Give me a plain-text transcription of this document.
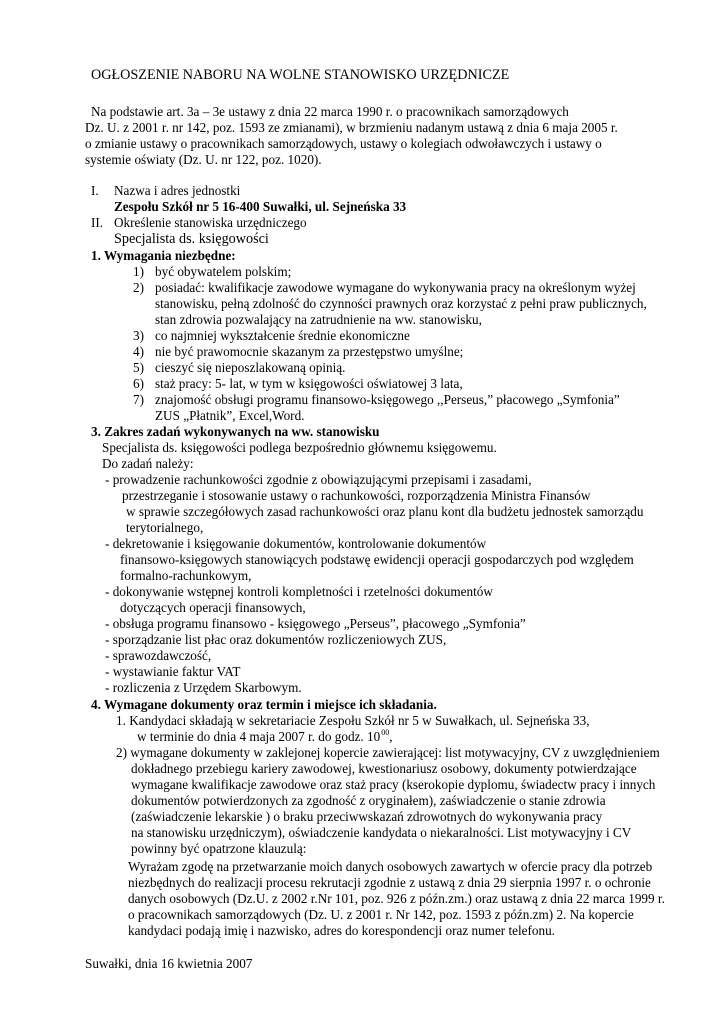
OGŁOSZENIE NABORU NA WOLNE STANOWISKO URZĘDNICZE
Na podstawie art. 3a – 3e ustawy z dnia 22 marca 1990 r. o pracownikach samorządowych
Dz. U. z 2001 r. nr 142, poz. 1593 ze zmianami), w brzmieniu nadanym ustawą z dnia 6 maja 2005 r.
o zmianie ustawy o pracownikach samorządowych, ustawy o kolegiach odwoławczych i ustawy o
systemie oświaty (Dz. U. nr 122, poz. 1020).
I. Nazwa i adres jednostki
Zespołu Szkół nr 5 16-400 Suwałki, ul. Sejneńska 33
II. Określenie stanowiska urzędniczego
Specjalista ds. księgowości
1. Wymagania niezbędne:
1) być obywatelem polskim;
2) posiadać: kwalifikacje zawodowe wymagane do wykonywania pracy na określonym wyżej
stanowisku, pełną zdolność do czynności prawnych oraz korzystać z pełni praw publicznych,
stan zdrowia pozwalający na zatrudnienie na ww. stanowisku,
3) co najmniej wykształcenie średnie ekonomiczne
4) nie być prawomocnie skazanym za przestępstwo umyślne;
5) cieszyć się nieposzlakowaną opinią.
6) staż pracy: 5- lat, w tym w księgowości oświatowej 3 lata,
7) znajomość obsługi programu finansowo-księgowego ,,Perseus,” płacowego „Symfonia”
ZUS „Płatnik”, Excel,Word.
3. Zakres zadań wykonywanych na ww. stanowisku
Specjalista ds. księgowości podlega bezpośrednio głównemu księgowemu.
Do zadań należy:
- prowadzenie rachunkowości zgodnie z obowiązującymi przepisami i zasadami,
przestrzeganie i stosowanie ustawy o rachunkowości, rozporządzenia Ministra Finansów
w sprawie szczegółowych zasad rachunkowości oraz planu kont dla budżetu jednostek samorządu
terytorialnego,
- dekretowanie i księgowanie dokumentów, kontrolowanie dokumentów
finansowo-księgowych stanowiących podstawę ewidencji operacji gospodarczych pod względem
formalno-rachunkowym,
- dokonywanie wstępnej kontroli kompletności i rzetelności dokumentów
dotyczących operacji finansowych,
- obsługa programu finansowo - księgowego „Perseus”, płacowego „Symfonia”
- sporządzanie list płac oraz dokumentów rozliczeniowych ZUS,
- sprawozdawczość,
- wystawianie faktur VAT
- rozliczenia z Urzędem Skarbowym.
4. Wymagane dokumenty oraz termin i miejsce ich składania.
1. Kandydaci składają w sekretariacie Zespołu Szkół nr 5 w Suwałkach, ul. Sejneńska 33,
w terminie do dnia 4 maja 2007 r. do godz. $10^{00}$,
2) wymagane dokumenty w zaklejonej kopercie zawierającej: list motywacyjny, CV z uwzględnieniem
dokładnego przebiegu kariery zawodowej, kwestionariusz osobowy, dokumenty potwierdzające
wymagane kwalifikacje zawodowe oraz staż pracy (kserokopie dyplomu, świadectw pracy i innych
dokumentów potwierdzonych za zgodność z oryginałem), zaświadczenie o stanie zdrowia
(zaświadczenie lekarskie ) o braku przeciwwskazań zdrowotnych do wykonywania pracy
na stanowisku urzędniczym), oświadczenie kandydata o niekaralności. List motywacyjny i CV
powinny być opatrzone klauzulą:
Wyrażam zgodę na przetwarzanie moich danych osobowych zawartych w ofercie pracy dla potrzeb
niezbędnych do realizacji procesu rekrutacji zgodnie z ustawą z dnia 29 sierpnia 1997 r. o ochronie
danych osobowych (Dz.U. z 2002 r.Nr 101, poz. 926 z późn.zm.) oraz ustawą z dnia 22 marca 1999 r.
o pracownikach samorządowych (Dz. U. z 2001 r. Nr 142, poz. 1593 z późn.zm) 2. Na kopercie
kandydaci podają imię i nazwisko, adres do korespondencji oraz numer telefonu.
Suwałki, dnia 16 kwietnia 2007
